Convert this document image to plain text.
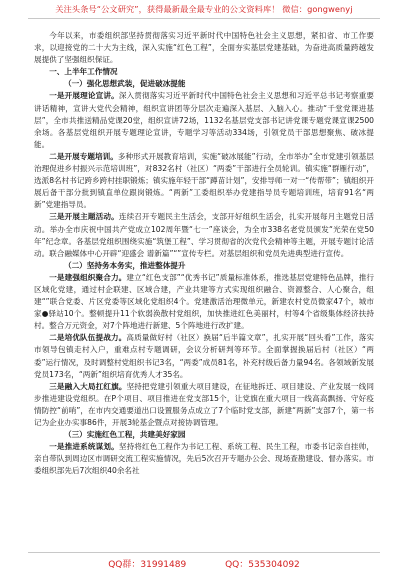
关注头条号“公文研究”，获得最新最全最专业的公文资料库！ 微信：gongwenyj

今年以来，市委组织部坚持贯彻落实习近平新时代中国特色社会主义思想，紧扣省、市工作要求，以迎接党的二十大为主线，深入实施“红色工程”，全面夯实基层党建基础，为奋进高质量跨越发展提供了坚强组织保证。

一、上半年工作情况

（一）强化思想武装，促进破冰提能

一是开展理论宣讲。深入贯彻落实习近平新时代中国特色社会主义思想和习近平总书记考察重要讲话精神，宣讲大党代会精神，组织宣讲团等分层次走遍深入基层、入脑入心。推动“千堂党课进基层”，全市共推送精品党课20堂，组织宣讲72场，1132名基层党支部书记讲党课专题党课宣课2500余场。各基层党组织开展专题理论宣讲，专题学习等活动334场，引领党员干部思想聚焦、破冰提能。

二是开展专题培训。多种形式开展教育培训，实施“破冰展能”行动，全市举办“全市党建引领基层治理促进乡村振兴示范培训班”，对832名村（社区）“两委”干部进行全员轮训。镇实施“群雁行动”，选派8名村书记跨乡跨村挂职锻炼；镇实施年轻干部“蹲苗计划”，安排导师一对一“传帮带”；镇组织开展后备干部分批到镇直单位跟岗锻炼。“两新”工委组织举办党建指导员专题培训班，培育91名“两新”党建指导员。

三是开展主题活动。连续召开专题民主生活会，支部开好组织生活会，扎实开展每月主题党日活动。举办全市庆祝中国共产党成立102周年暨“七一”座谈会，为全市338名老党员颁发“光荣在党50年”纪念章。各基层党组织围绕实施“筑堡工程”、学习贯彻省的次党代会精神等主题，开展专题讨论活动。联合融媒体中心开辟“迎盛会 谱新篇”“”宣传专栏。对基层组织和党员先进典型进行宣传。

（二）坚持务本务实，推进整体提升

一是建强组织聚合力。建立“红色支部”“优秀书记”质量标准体系，推选基层党建特色品牌，推行区域化党建，通过村企联建、区域合建，产业共建等方式实现组织融合、资源整合、人心聚合，组建“”联合党委、片区党委等区域化党组织4个。党建激活治理微单元，新建农村党员微家47个，城市家●驿站10个。整顿提升11个软弱涣散村党组织，加快推进红色美丽村，村等4个省级集体经济扶持村。整合万元资金，对7个阵地进行新建、5个阵地进行改扩建。

二是培优队伍提战力。高质量做好村（社区）换届“后半篇文章”，扎实开展“回头看”工作，落实市领导包镇走村入户，重难点村专题调研，会议分析研判等环节。全面掌握换届后村（社区）“两委”运行情况，及时调整村党组织书记3名，“两委”成员81名，补充村级后备力量94名。各领域新发展党员173名，“两新”组织培育优秀人才35名。

三是融入大局扛红旗。坚持把党建引领重大项目建设，在征地拆迁、项目建设、产业发展一线同步推进建设党组织。在P个项目、项目推进在党支部15个，让党旗在重大项目一线高高飘扬、守好疫情防控“前哨”，在市内交通要道出口设置服务点成立了7个临时党支部，新建“两新”支部7个，第一书记为企业办实事86件，开展3轮基企暨点对接协调管理。

（三）实施红色工程，共建美好家园

一是推进系统谋划。坚持将红色工程作为书记工程、系统工程、民生工程，市委书记亲自挂帅，亲自带队到周边区市调研交流工程实施情况，先后5次召开专题办公会、现场查勘建设、督办落实。市委组织部先后7次组织40余名社

QQ群：31991489	QQ：535304092
